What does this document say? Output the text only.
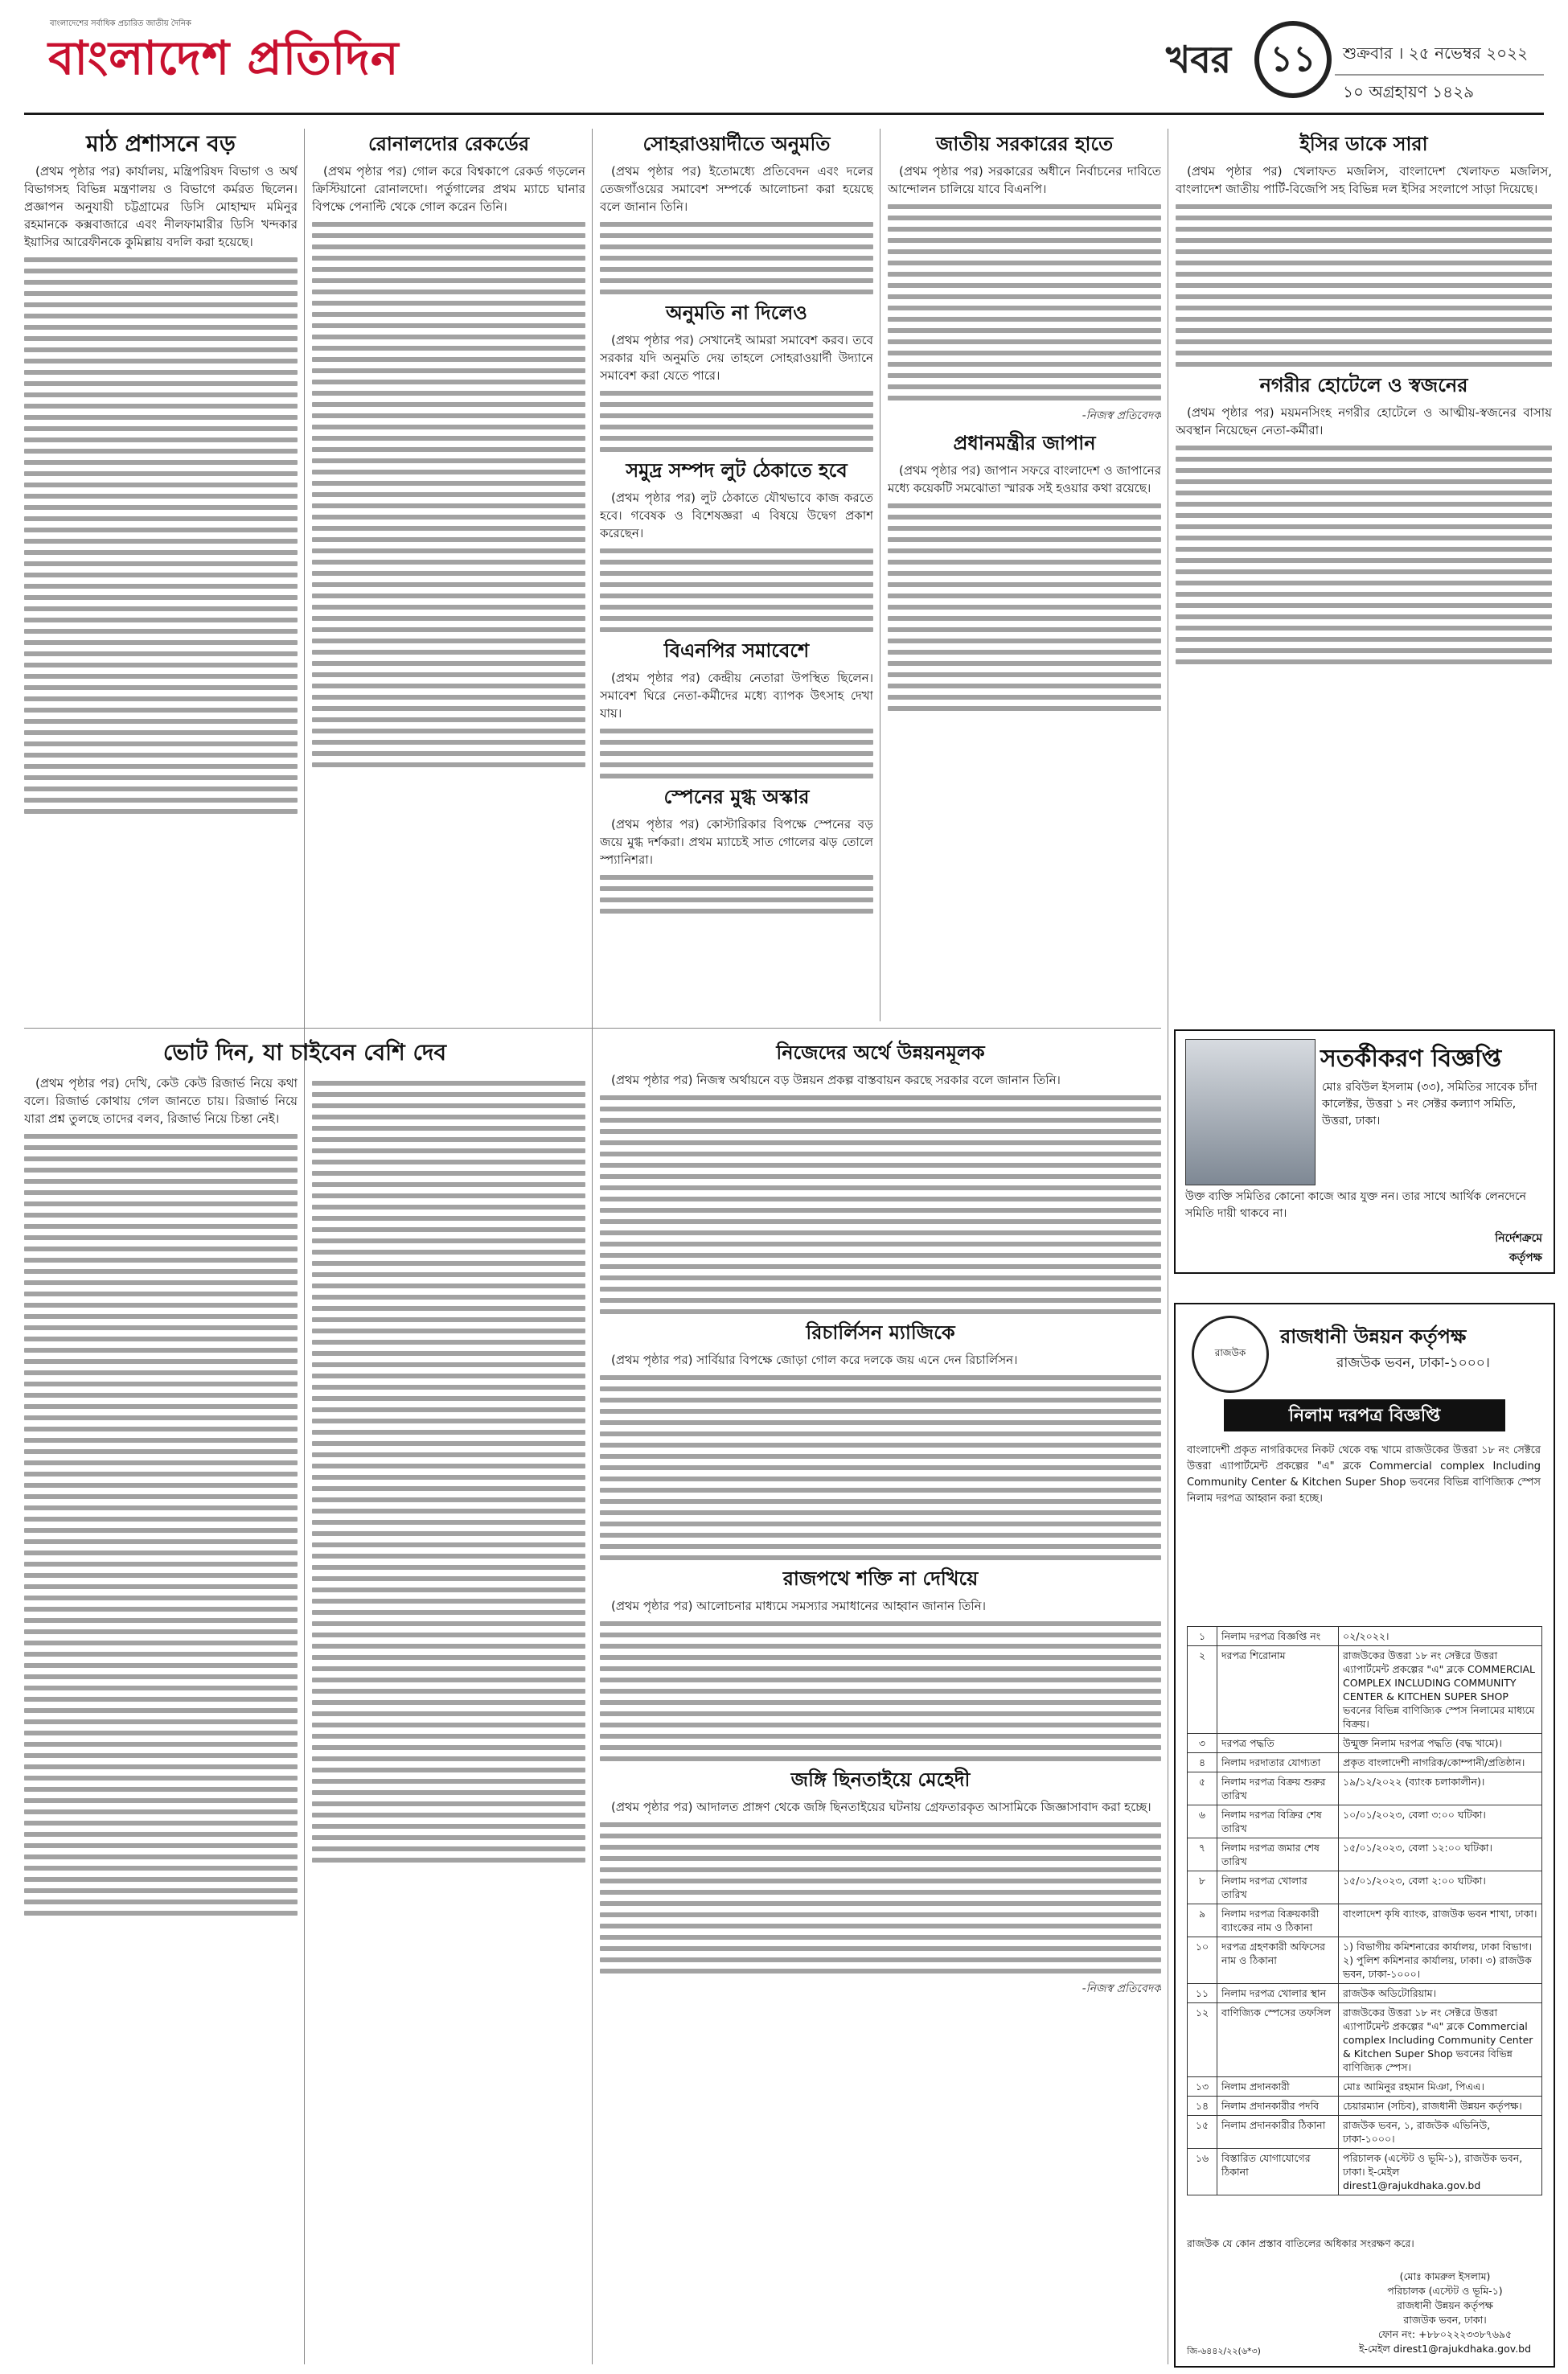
বাংলাদেশের সর্বাধিক প্রচারিত জাতীয় দৈনিক
বাংলাদেশ প্রতিদিন	খবর	১১	শুক্রবার । ২৫ নভেম্বর ২০২২
১০ অগ্রহায়ণ ১৪২৯
মাঠ প্রশাসনে বড়

(প্রথম পৃষ্ঠার পর) কার্যালয়, মন্ত্রিপরিষদ বিভাগ ও অর্থ বিভাগসহ বিভিন্ন মন্ত্রণালয় ও বিভাগে কর্মরত ছিলেন। প্রজ্ঞাপন অনুযায়ী চট্টগ্রামের ডিসি মোহাম্মদ মমিনুর রহমানকে কক্সবাজারে এবং নীলফামারীর ডিসি খন্দকার ইয়াসির আরেফীনকে কুমিল্লায় বদলি করা হয়েছে।

রোনালদোর রেকর্ডের

(প্রথম পৃষ্ঠার পর) গোল করে বিশ্বকাপে রেকর্ড গড়লেন ক্রিস্টিয়ানো রোনালদো। পর্তুগালের প্রথম ম্যাচে ঘানার বিপক্ষে পেনাল্টি থেকে গোল করেন তিনি।

সোহরাওয়ার্দীতে অনুমতি

(প্রথম পৃষ্ঠার পর) ইতোমধ্যে প্রতিবেদন এবং দলের তেজগাঁওয়ের সমাবেশ সম্পর্কে আলোচনা করা হয়েছে বলে জানান তিনি।

অনুমতি না দিলেও

(প্রথম পৃষ্ঠার পর) সেখানেই আমরা সমাবেশ করব। তবে সরকার যদি অনুমতি দেয় তাহলে সোহরাওয়ার্দী উদ্যানে সমাবেশ করা যেতে পারে।

সমুদ্র সম্পদ লুট ঠেকাতে হবে

(প্রথম পৃষ্ঠার পর) লুট ঠেকাতে যৌথভাবে কাজ করতে হবে। গবেষক ও বিশেষজ্ঞরা এ বিষয়ে উদ্বেগ প্রকাশ করেছেন।

বিএনপির সমাবেশে

(প্রথম পৃষ্ঠার পর) কেন্দ্রীয় নেতারা উপস্থিত ছিলেন। সমাবেশ ঘিরে নেতা-কর্মীদের মধ্যে ব্যাপক উৎসাহ দেখা যায়।

স্পেনের মুগ্ধ অস্কার

(প্রথম পৃষ্ঠার পর) কোস্টারিকার বিপক্ষে স্পেনের বড় জয়ে মুগ্ধ দর্শকরা। প্রথম ম্যাচেই সাত গোলের ঝড় তোলে স্প্যানিশরা।

জাতীয় সরকারের হাতে

(প্রথম পৃষ্ঠার পর) সরকারের অধীনে নির্বাচনের দাবিতে আন্দোলন চালিয়ে যাবে বিএনপি।

-নিজস্ব প্রতিবেদক
প্রধানমন্ত্রীর জাপান

(প্রথম পৃষ্ঠার পর) জাপান সফরে বাংলাদেশ ও জাপানের মধ্যে কয়েকটি সমঝোতা স্মারক সই হওয়ার কথা রয়েছে।

ইসির ডাকে সারা

(প্রথম পৃষ্ঠার পর) খেলাফত মজলিস, বাংলাদেশ খেলাফত মজলিস, বাংলাদেশ জাতীয় পার্টি-বিজেপি সহ বিভিন্ন দল ইসির সংলাপে সাড়া দিয়েছে।

নগরীর হোটেলে ও স্বজনের

(প্রথম পৃষ্ঠার পর) ময়মনসিংহ নগরীর হোটেলে ও আত্মীয়-স্বজনের বাসায় অবস্থান নিয়েছেন নেতা-কর্মীরা।

ভোট দিন, যা চাইবেন বেশি দেব

(প্রথম পৃষ্ঠার পর) দেখি, কেউ কেউ রিজার্ভ নিয়ে কথা বলে। রিজার্ভ কোথায় গেল জানতে চায়। রিজার্ভ নিয়ে যারা প্রশ্ন তুলছে তাদের বলব, রিজার্ভ নিয়ে চিন্তা নেই।

নিজেদের অর্থে উন্নয়নমূলক

(প্রথম পৃষ্ঠার পর) নিজস্ব অর্থায়নে বড় উন্নয়ন প্রকল্প বাস্তবায়ন করছে সরকার বলে জানান তিনি।

রিচার্লিসন ম্যাজিকে

(প্রথম পৃষ্ঠার পর) সার্বিয়ার বিপক্ষে জোড়া গোল করে দলকে জয় এনে দেন রিচার্লিসন।

রাজপথে শক্তি না দেখিয়ে

(প্রথম পৃষ্ঠার পর) আলোচনার মাধ্যমে সমস্যার সমাধানের আহ্বান জানান তিনি।

জঙ্গি ছিনতাইয়ে মেহেদী

(প্রথম পৃষ্ঠার পর) আদালত প্রাঙ্গণ থেকে জঙ্গি ছিনতাইয়ের ঘটনায় গ্রেফতারকৃত আসামিকে জিজ্ঞাসাবাদ করা হচ্ছে।

-নিজস্ব প্রতিবেদক
সতর্কীকরণ বিজ্ঞপ্তি
মোঃ রবিউল ইসলাম (৩৩), সমিতির সাবেক চাঁদা কালেক্টর, উত্তরা ১ নং সেক্টর কল্যাণ সমিতি, উত্তরা, ঢাকা।
উক্ত ব্যক্তি সমিতির কোনো কাজে আর যুক্ত নন। তার সাথে আর্থিক লেনদেনে সমিতি দায়ী থাকবে না।
নির্দেশক্রমে
কর্তৃপক্ষ
রাজউক
রাজধানী উন্নয়ন কর্তৃপক্ষ
রাজউক ভবন, ঢাকা-১০০০।
নিলাম দরপত্র বিজ্ঞপ্তি
বাংলাদেশী প্রকৃত নাগরিকদের নিকট থেকে বদ্ধ খামে রাজউকের উত্তরা ১৮ নং সেক্টরে উত্তরা এ্যাপার্টমেন্ট প্রকল্পের "এ" ব্লকে Commercial complex Including Community Center & Kitchen Super Shop ভবনের বিভিন্ন বাণিজ্যিক স্পেস নিলাম দরপত্র আহ্বান করা হচ্ছে।
১	নিলাম দরপত্র বিজ্ঞপ্তি নং	০২/২০২২।
২	দরপত্র শিরোনাম	রাজউকের উত্তরা ১৮ নং সেক্টরে উত্তরা এ্যাপার্টমেন্ট প্রকল্পের "এ" ব্লকে COMMERCIAL COMPLEX INCLUDING COMMUNITY CENTER & KITCHEN SUPER SHOP ভবনের বিভিন্ন বাণিজ্যিক স্পেস নিলামের মাধ্যমে বিক্রয়।
৩	দরপত্র পদ্ধতি	উন্মুক্ত নিলাম দরপত্র পদ্ধতি (বদ্ধ খামে)।
৪	নিলাম দরদাতার যোগ্যতা	প্রকৃত বাংলাদেশী নাগরিক/কোম্পানী/প্রতিষ্ঠান।
৫	নিলাম দরপত্র বিক্রয় শুরুর তারিখ	১৯/১২/২০২২ (ব্যাংক চলাকালীন)।
৬	নিলাম দরপত্র বিক্রির শেষ তারিখ	১০/০১/২০২৩, বেলা ৩:০০ ঘটিকা।
৭	নিলাম দরপত্র জমার শেষ তারিখ	১৫/০১/২০২৩, বেলা ১২:০০ ঘটিকা।
৮	নিলাম দরপত্র খোলার তারিখ	১৫/০১/২০২৩, বেলা ২:০০ ঘটিকা।
৯	নিলাম দরপত্র বিক্রয়কারী ব্যাংকের নাম ও ঠিকানা	বাংলাদেশ কৃষি ব্যাংক, রাজউক ভবন শাখা, ঢাকা।
১০	দরপত্র গ্রহণকারী অফিসের নাম ও ঠিকানা	১) বিভাগীয় কমিশনারের কার্যালয়, ঢাকা বিভাগ। ২) পুলিশ কমিশনার কার্যালয়, ঢাকা। ৩) রাজউক ভবন, ঢাকা-১০০০।
১১	নিলাম দরপত্র খোলার স্থান	রাজউক অডিটোরিয়াম।
১২	বাণিজ্যিক স্পেসের তফসিল	রাজউকের উত্তরা ১৮ নং সেক্টরে উত্তরা এ্যাপার্টমেন্ট প্রকল্পের "এ" ব্লকে Commercial complex Including Community Center & Kitchen Super Shop ভবনের বিভিন্ন বাণিজ্যিক স্পেস।
১৩	নিলাম প্রদানকারী	মোঃ আমিনুর রহমান মিঞা, পিএএ।
১৪	নিলাম প্রদানকারীর পদবি	চেয়ারম্যান (সচিব), রাজধানী উন্নয়ন কর্তৃপক্ষ।
১৫	নিলাম প্রদানকারীর ঠিকানা	রাজউক ভবন, ১, রাজউক এভিনিউ, ঢাকা-১০০০।
১৬	বিস্তারিত যোগাযোগের ঠিকানা	পরিচালক (এস্টেট ও ভূমি-১), রাজউক ভবন, ঢাকা। ই-মেইল direst1@rajukdhaka.gov.bd
রাজউক যে কোন প্রস্তাব বাতিলের অধিকার সংরক্ষণ করে।
(মোঃ কামরুল ইসলাম)
পরিচালক (এস্টেট ও ভূমি-১)
রাজধানী উন্নয়ন কর্তৃপক্ষ
রাজউক ভবন, ঢাকা।
ফোন নং: +৮৮০২২২৩৩৮৭৬৯৫
ই-মেইল direst1@rajukdhaka.gov.bd
জি-৬৪৪২/২২(৬*৩)
